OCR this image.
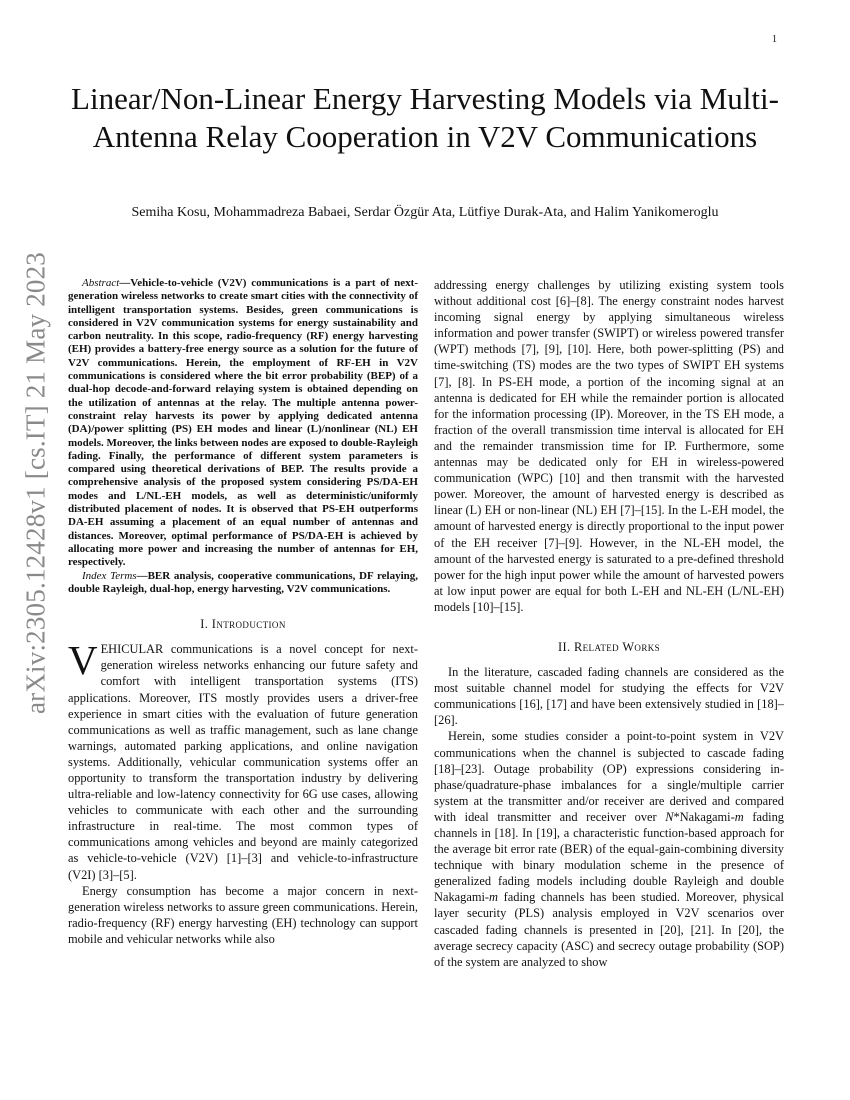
1
arXiv:2305.12428v1 [cs.IT] 21 May 2023
Linear/Non-Linear Energy Harvesting Models via Multi-Antenna Relay Cooperation in V2V Communications
Semiha Kosu, Mohammadreza Babaei, Serdar Özgür Ata, Lütfiye Durak-Ata, and Halim Yanikomeroglu

Abstract—Vehicle-to-vehicle (V2V) communications is a part of next-generation wireless networks to create smart cities with the connectivity of intelligent transportation systems. Besides, green communications is considered in V2V communication systems for energy sustainability and carbon neutrality. In this scope, radio-frequency (RF) energy harvesting (EH) provides a battery-free energy source as a solution for the future of V2V communications. Herein, the employment of RF-EH in V2V communications is considered where the bit error probability (BEP) of a dual-hop decode-and-forward relaying system is obtained depending on the utilization of antennas at the relay. The multiple antenna power-constraint relay harvests its power by applying dedicated antenna (DA)/power splitting (PS) EH modes and linear (L)/nonlinear (NL) EH models. Moreover, the links between nodes are exposed to double-Rayleigh fading. Finally, the performance of different system parameters is compared using theoretical derivations of BEP. The results provide a comprehensive analysis of the proposed system considering PS/DA-EH modes and L/NL-EH models, as well as deterministic/uniformly distributed placement of nodes. It is observed that PS-EH outperforms DA-EH assuming a placement of an equal number of antennas and distances. Moreover, optimal performance of PS/DA-EH is achieved by allocating more power and increasing the number of antennas for EH, respectively.

Index Terms—BER analysis, cooperative communications, DF relaying, double Rayleigh, dual-hop, energy harvesting, V2V communications.

I. Introduction

VEHICULAR communications is a novel concept for next-generation wireless networks enhancing our future safety and comfort with intelligent transportation systems (ITS) applications. Moreover, ITS mostly provides users a driver-free experience in smart cities with the evaluation of future generation communications as well as traffic management, such as lane change warnings, automated parking applications, and online navigation systems. Additionally, vehicular communication systems offer an opportunity to transform the transportation industry by delivering ultra-reliable and low-latency connectivity for 6G use cases, allowing vehicles to communicate with each other and the surrounding infrastructure in real-time. The most common types of communications among vehicles and beyond are mainly categorized as vehicle-to-vehicle (V2V) [1]–[3] and vehicle-to-infrastructure (V2I) [3]–[5].

Energy consumption has become a major concern in next-generation wireless networks to assure green communications. Herein, radio-frequency (RF) energy harvesting (EH) technology can support mobile and vehicular networks while also

addressing energy challenges by utilizing existing system tools without additional cost [6]–[8]. The energy constraint nodes harvest incoming signal energy by applying simultaneous wireless information and power transfer (SWIPT) or wireless powered transfer (WPT) methods [7], [9], [10]. Here, both power-splitting (PS) and time-switching (TS) modes are the two types of SWIPT EH systems [7], [8]. In PS-EH mode, a portion of the incoming signal at an antenna is dedicated for EH while the remainder portion is allocated for the information processing (IP). Moreover, in the TS EH mode, a fraction of the overall transmission time interval is allocated for EH and the remainder transmission time for IP. Furthermore, some antennas may be dedicated only for EH in wireless-powered communication (WPC) [10] and then transmit with the harvested power. Moreover, the amount of harvested energy is described as linear (L) EH or non-linear (NL) EH [7]–[15]. In the L-EH model, the amount of harvested energy is directly proportional to the input power of the EH receiver [7]–[9]. However, in the NL-EH model, the amount of the harvested energy is saturated to a pre-defined threshold power for the high input power while the amount of harvested powers at low input power are equal for both L-EH and NL-EH (L/NL-EH) models [10]–[15].

II. Related Works

In the literature, cascaded fading channels are considered as the most suitable channel model for studying the effects for V2V communications [16], [17] and have been extensively studied in [18]–[26].

Herein, some studies consider a point-to-point system in V2V communications when the channel is subjected to cascade fading [18]–[23]. Outage probability (OP) expressions considering in-phase/quadrature-phase imbalances for a single/multiple carrier system at the transmitter and/or receiver are derived and compared with ideal transmitter and receiver over N*Nakagami-m fading channels in [18]. In [19], a characteristic function-based approach for the average bit error rate (BER) of the equal-gain-combining diversity technique with binary modulation scheme in the presence of generalized fading models including double Rayleigh and double Nakagami-m fading channels has been studied. Moreover, physical layer security (PLS) analysis employed in V2V scenarios over cascaded fading channels is presented in [20], [21]. In [20], the average secrecy capacity (ASC) and secrecy outage probability (SOP) of the system are analyzed to show
